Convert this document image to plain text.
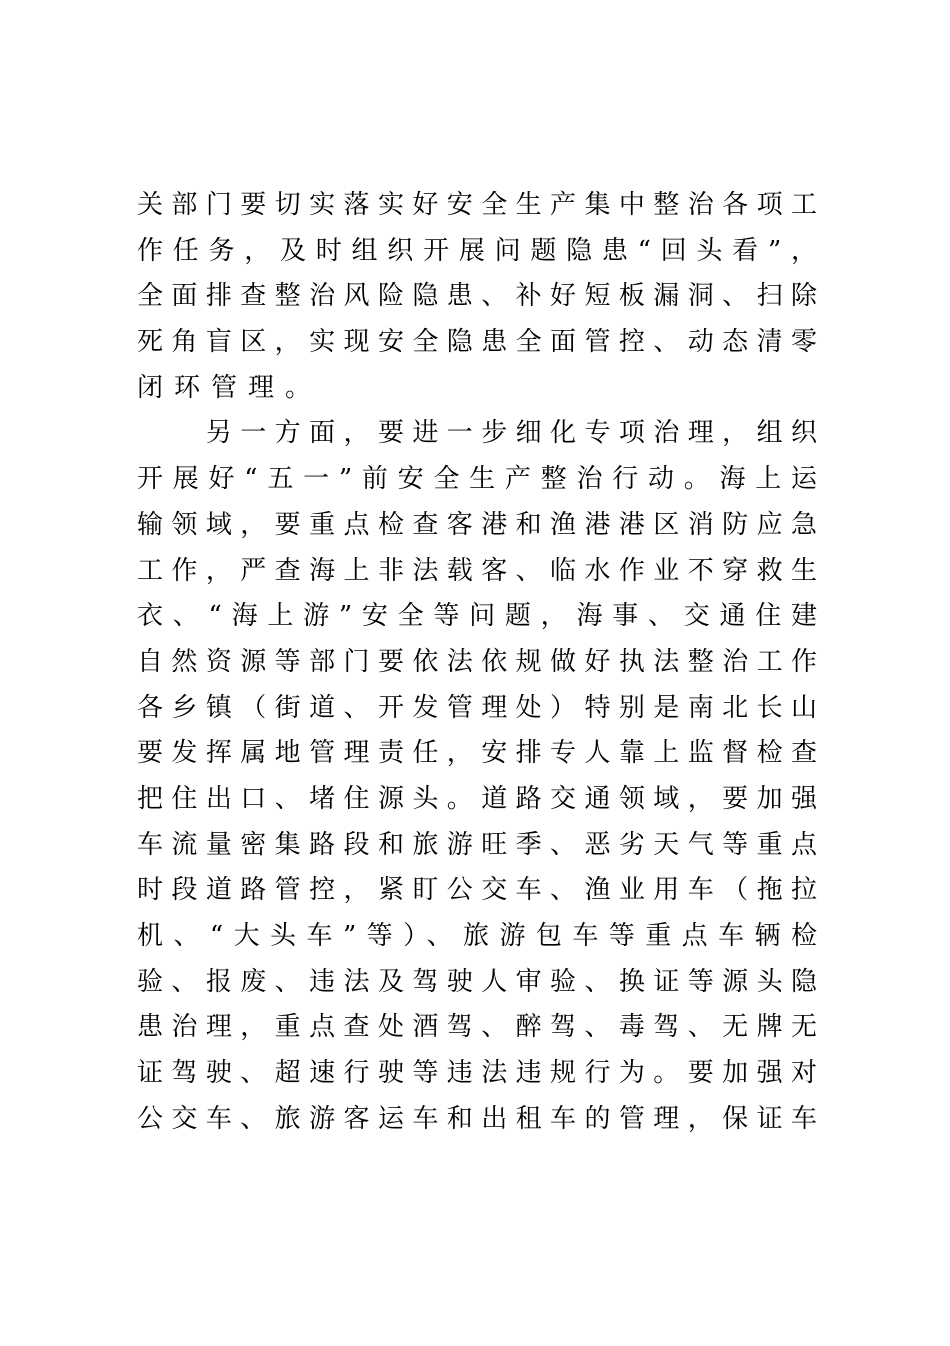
关部门要切实落实好安全生产集中整治各项工
作任务，及时组织开展问题隐患“回头看”，
全面排查整治风险隐患、补好短板漏洞、扫除
死角盲区，实现安全隐患全面管控、动态清零
闭环管理。
　　另一方面，要进一步细化专项治理，组织
开展好“五一”前安全生产整治行动。海上运
输领域，要重点检查客港和渔港港区消防应急
工作，严查海上非法载客、临水作业不穿救生
衣、“海上游”安全等问题，海事、交通住建
自然资源等部门要依法依规做好执法整治工作
各乡镇（街道、开发管理处）特别是南北长山
要发挥属地管理责任，安排专人靠上监督检查
把住出口、堵住源头。道路交通领域，要加强
车流量密集路段和旅游旺季、恶劣天气等重点
时段道路管控，紧盯公交车、渔业用车（拖拉
机、“大头车”等）、旅游包车等重点车辆检
验、报废、违法及驾驶人审验、换证等源头隐
患治理，重点查处酒驾、醉驾、毒驾、无牌无
证驾驶、超速行驶等违法违规行为。要加强对
公交车、旅游客运车和出租车的管理，保证车
